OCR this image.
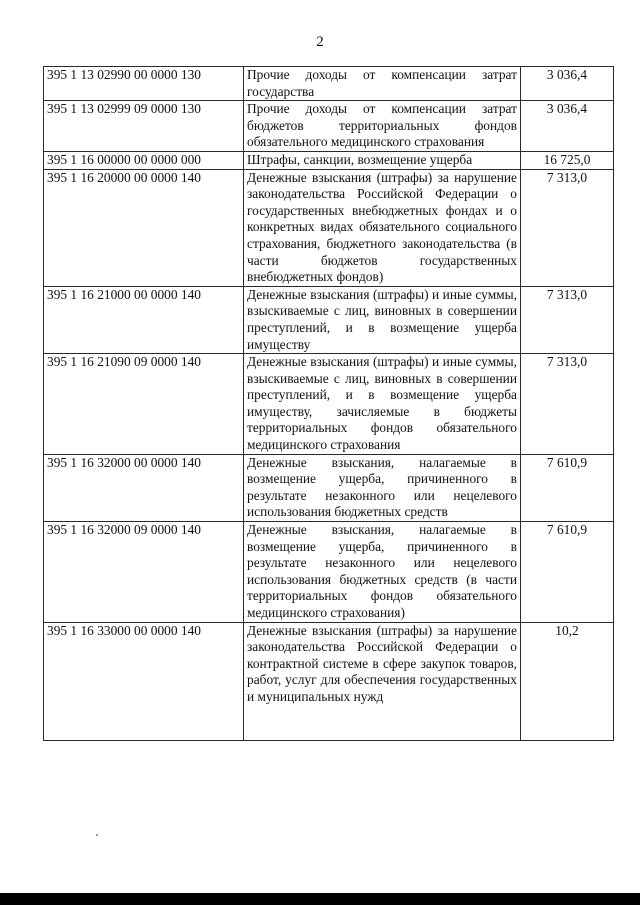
2
395 1 13 02990 00 0000 130	Прочие доходы от компенсации затрат государства	3 036,4
395 1 13 02999 09 0000 130	Прочие доходы от компенсации затрат бюджетов территориальных фондов обязательного медицинского страхования	3 036,4
395 1 16 00000 00 0000 000	Штрафы, санкции, возмещение ущерба	16 725,0
395 1 16 20000 00 0000 140	Денежные взыскания (штрафы) за нарушение законодательства Российской Федерации о государственных внебюджетных фондах и о конкретных видах обязательного социального страхования, бюджетного законодательства (в части бюджетов государственных внебюджетных фондов)	7 313,0
395 1 16 21000 00 0000 140	Денежные взыскания (штрафы) и иные суммы, взыскиваемые с лиц, виновных в совершении преступлений, и в возмещение ущерба имуществу	7 313,0
395 1 16 21090 09 0000 140	Денежные взыскания (штрафы) и иные суммы, взыскиваемые с лиц, виновных в совершении преступлений, и в возмещение ущерба имуществу, зачисляемые в бюджеты территориальных фондов обязательного медицинского страхования	7 313,0
395 1 16 32000 00 0000 140	Денежные взыскания, налагаемые в возмещение ущерба, причиненного в результате незаконного или нецелевого использования бюджетных средств	7 610,9
395 1 16 32000 09 0000 140	Денежные взыскания, налагаемые в возмещение ущерба, причиненного в результате незаконного или нецелевого использования бюджетных средств (в части территориальных фондов обязательного медицинского страхования)	7 610,9
395 1 16 33000 00 0000 140	Денежные взыскания (штрафы) за нарушение законодательства Российской Федерации о контрактной системе в сфере закупок товаров, работ, услуг для обеспечения государственных и муниципальных нужд	10,2
